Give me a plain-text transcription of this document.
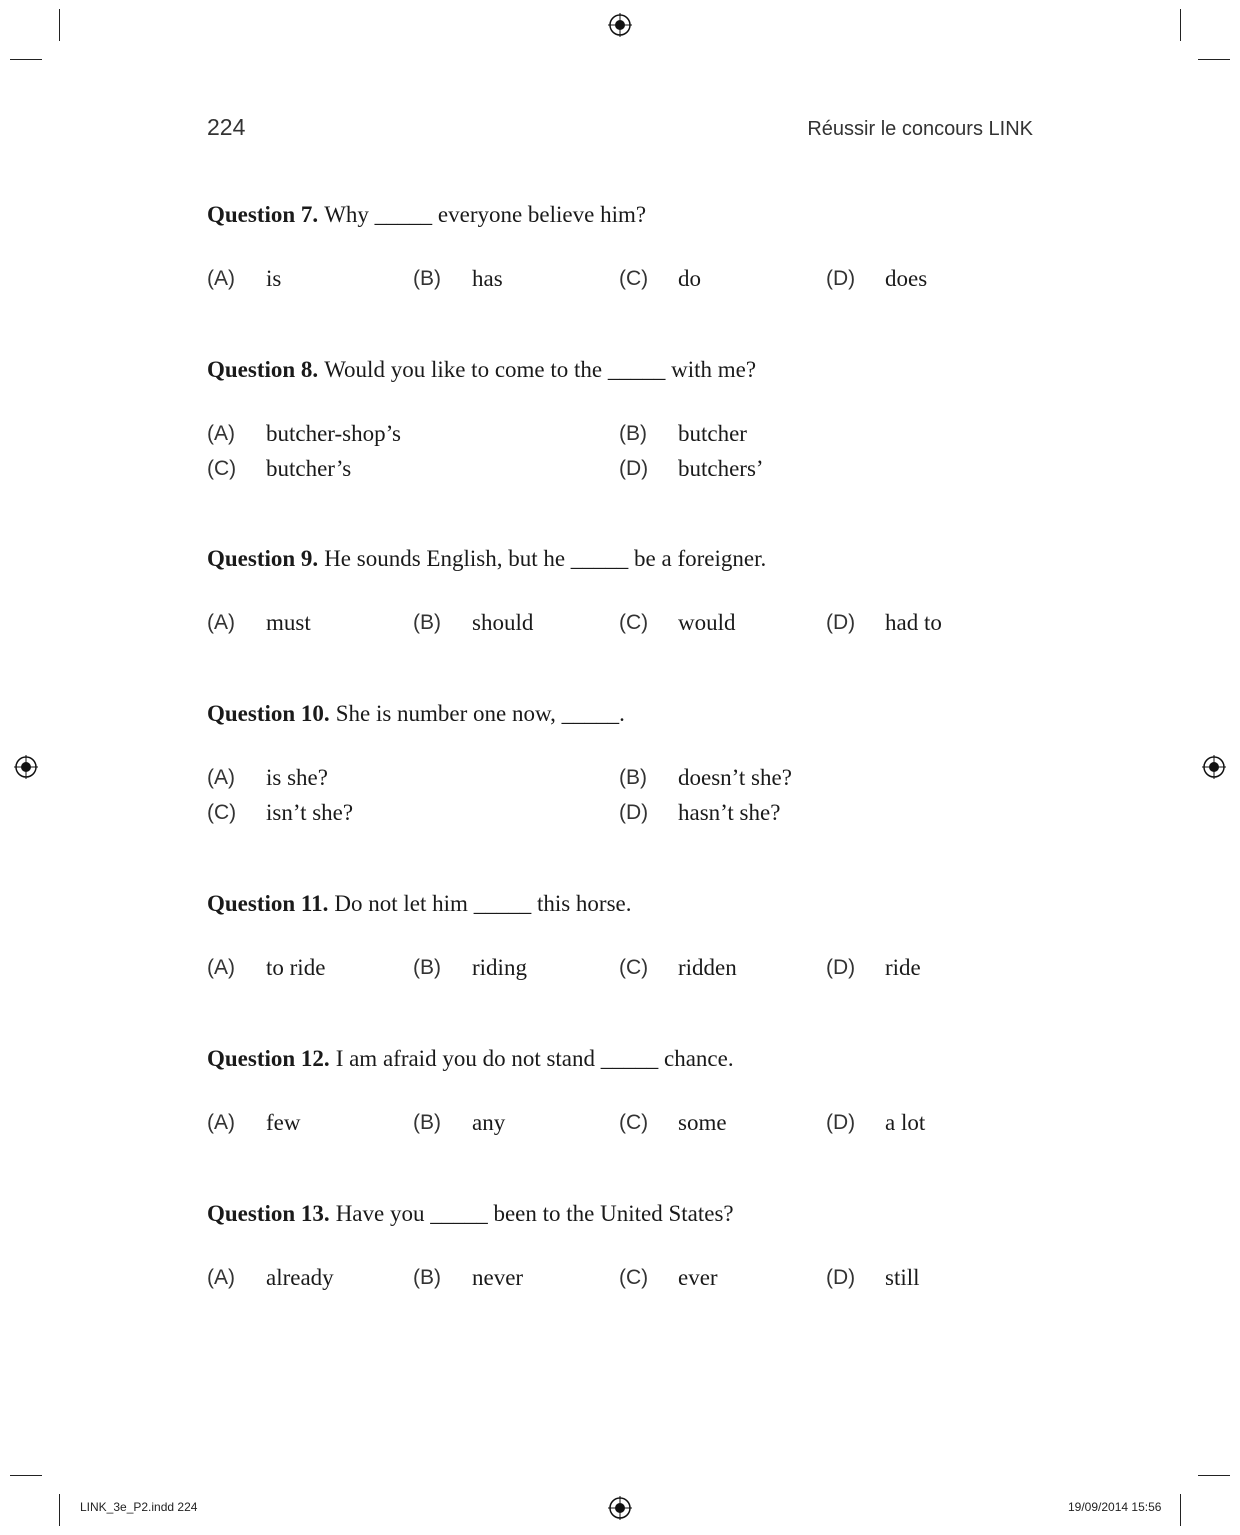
224	Réussir le concours LINK

Question 7. Why _____ everyone believe him?

(A) is	(B) has	(C) do	(D) does

Question 8. Would you like to come to the _____ with me?

(A) butcher-shop’s	(B) butcher
(C) butcher’s	(D) butchers’

Question 9. He sounds English, but he _____ be a foreigner.

(A) must	(B) should	(C) would	(D) had to

Question 10. She is number one now, _____.

(A) is she?	(B) doesn’t she?
(C) isn’t she?	(D) hasn’t she?

Question 11. Do not let him _____ this horse.

(A) to ride	(B) riding	(C) ridden	(D) ride

Question 12. I am afraid you do not stand _____ chance.

(A) few	(B) any	(C) some	(D) a lot

Question 13. Have you _____ been to the United States?

(A) already	(B) never	(C) ever	(D) still
LINK_3e_P2.indd 224	19/09/2014 15:56
